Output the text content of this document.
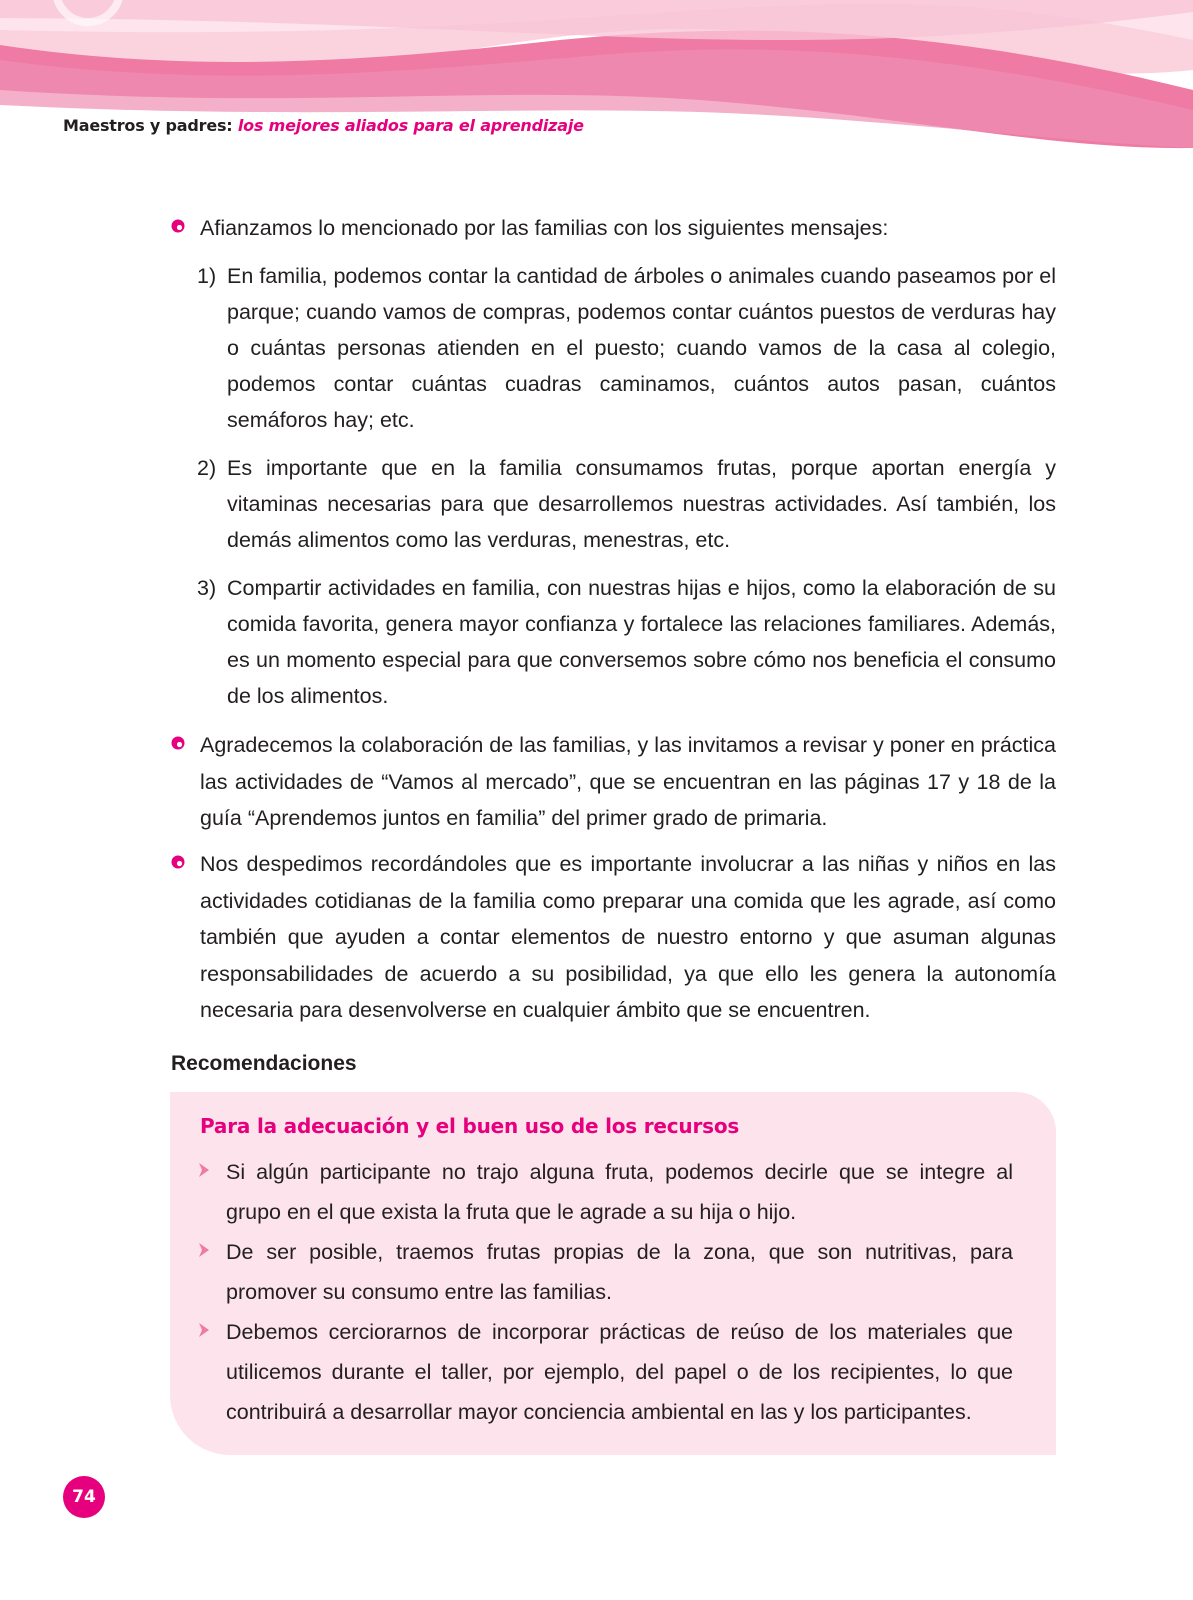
Maestros y padres: los mejores aliados para el aprendizaje
Afianzamos lo mencionado por las familias con los siguientes mensajes:
1) En familia, podemos contar la cantidad de árboles o animales cuando paseamos por el parque; cuando vamos de compras, podemos contar cuántos puestos de verduras hay o cuántas personas atienden en el puesto; cuando vamos de la casa al colegio, podemos contar cuántas cuadras caminamos, cuántos autos pasan, cuántos semáforos hay; etc.
2) Es importante que en la familia consumamos frutas, porque aportan energía y vitaminas necesarias para que desarrollemos nuestras actividades. Así también, los demás alimentos como las verduras, menestras, etc.
3) Compartir actividades en familia, con nuestras hijas e hijos, como la elaboración de su comida favorita, genera mayor confianza y fortalece las relaciones familiares. Además, es un momento especial para que conversemos sobre cómo nos beneficia el consumo de los alimentos.
Agradecemos la colaboración de las familias, y las invitamos a revisar y poner en práctica las actividades de “Vamos al mercado”, que se encuentran en las páginas 17 y 18 de la guía “Aprendemos juntos en familia” del primer grado de primaria.
Nos despedimos recordándoles que es importante involucrar a las niñas y niños en las actividades cotidianas de la familia como preparar una comida que les agrade, así como también que ayuden a contar elementos de nuestro entorno y que asuman algunas responsabilidades de acuerdo a su posibilidad, ya que ello les genera la autonomía necesaria para desenvolverse en cualquier ámbito que se encuentren.
Recomendaciones
Para la adecuación y el buen uso de los recursos
Si algún participante no trajo alguna fruta, podemos decirle que se integre al grupo en el que exista la fruta que le agrade a su hija o hijo.
De ser posible, traemos frutas propias de la zona, que son nutritivas, para promover su consumo entre las familias.
Debemos cerciorarnos de incorporar prácticas de reúso de los materiales que utilicemos durante el taller, por ejemplo, del papel o de los recipientes, lo que contribuirá a desarrollar mayor conciencia ambiental en las y los participantes.
74
